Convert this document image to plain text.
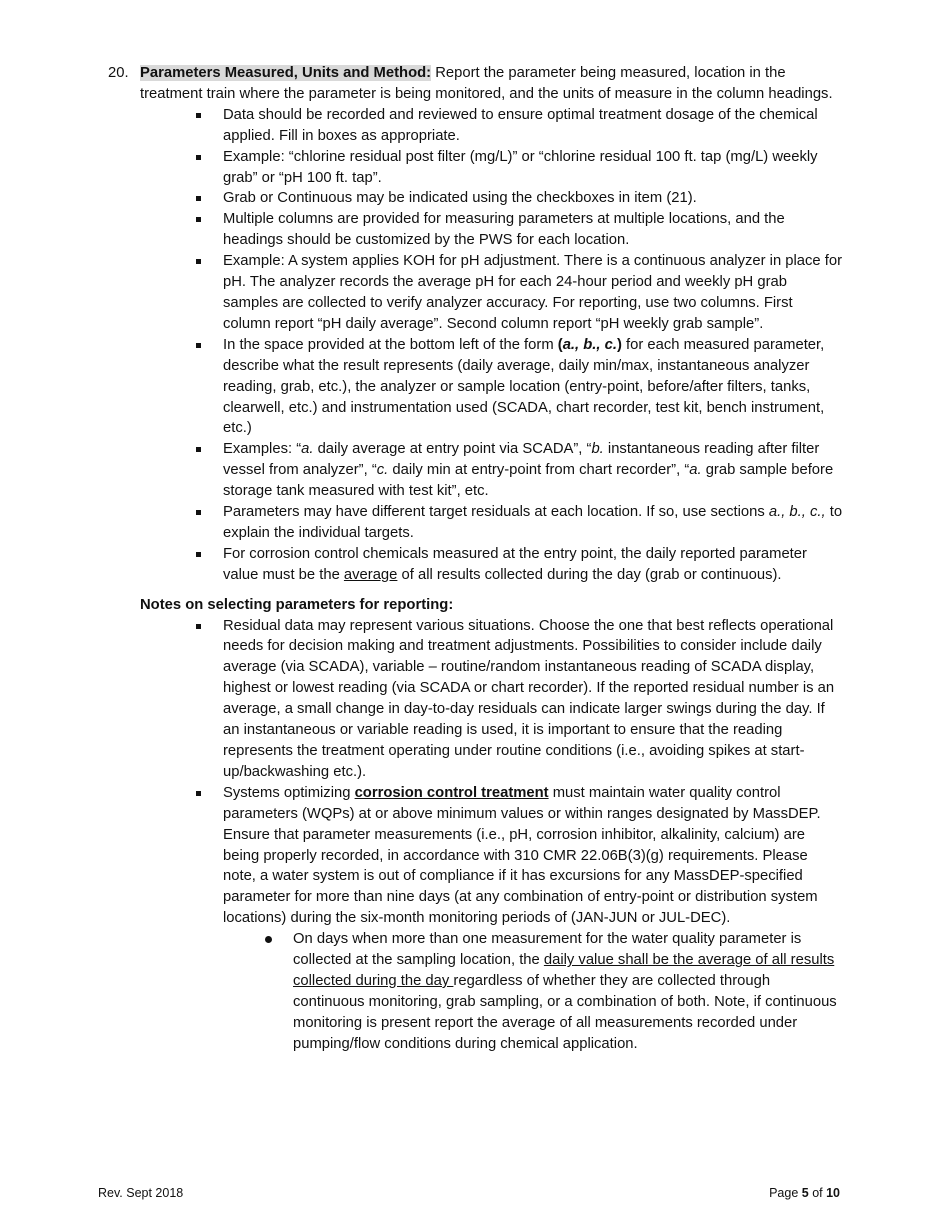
20. Parameters Measured, Units and Method: Report the parameter being measured, location in the treatment train where the parameter is being monitored, and the units of measure in the column headings.
Data should be recorded and reviewed to ensure optimal treatment dosage of the chemical applied. Fill in boxes as appropriate.
Example: “chlorine residual post filter (mg/L)” or “chlorine residual 100 ft. tap (mg/L) weekly grab” or “pH 100 ft. tap”.
Grab or Continuous may be indicated using the checkboxes in item (21).
Multiple columns are provided for measuring parameters at multiple locations, and the headings should be customized by the PWS for each location.
Example: A system applies KOH for pH adjustment. There is a continuous analyzer in place for pH. The analyzer records the average pH for each 24-hour period and weekly pH grab samples are collected to verify analyzer accuracy. For reporting, use two columns. First column report “pH daily average”. Second column report “pH weekly grab sample”.
In the space provided at the bottom left of the form (a., b., c.) for each measured parameter, describe what the result represents (daily average, daily min/max, instantaneous analyzer reading, grab, etc.), the analyzer or sample location (entry-point, before/after filters, tanks, clearwell, etc.) and instrumentation used (SCADA, chart recorder, test kit, bench instrument, etc.)
Examples: “a. daily average at entry point via SCADA”, “b. instantaneous reading after filter vessel from analyzer”, “c. daily min at entry-point from chart recorder”, “a. grab sample before storage tank measured with test kit”, etc.
Parameters may have different target residuals at each location. If so, use sections a., b., c., to explain the individual targets.
For corrosion control chemicals measured at the entry point, the daily reported parameter value must be the average of all results collected during the day (grab or continuous).
Notes on selecting parameters for reporting:
Residual data may represent various situations. Choose the one that best reflects operational needs for decision making and treatment adjustments. Possibilities to consider include daily average (via SCADA), variable – routine/random instantaneous reading of SCADA display, highest or lowest reading (via SCADA or chart recorder). If the reported residual number is an average, a small change in day-to-day residuals can indicate larger swings during the day. If an instantaneous or variable reading is used, it is important to ensure that the reading represents the treatment operating under routine conditions (i.e., avoiding spikes at start-up/backwashing etc.).
Systems optimizing corrosion control treatment must maintain water quality control parameters (WQPs) at or above minimum values or within ranges designated by MassDEP. Ensure that parameter measurements (i.e., pH, corrosion inhibitor, alkalinity, calcium) are being properly recorded, in accordance with 310 CMR 22.06B(3)(g) requirements. Please note, a water system is out of compliance if it has excursions for any MassDEP-specified parameter for more than nine days (at any combination of entry-point or distribution system locations) during the six-month monitoring periods of (JAN-JUN or JUL-DEC).
On days when more than one measurement for the water quality parameter is collected at the sampling location, the daily value shall be the average of all results collected during the day regardless of whether they are collected through continuous monitoring, grab sampling, or a combination of both. Note, if continuous monitoring is present report the average of all measurements recorded under pumping/flow conditions during chemical application.
Rev. Sept 2018	Page 5 of 10
